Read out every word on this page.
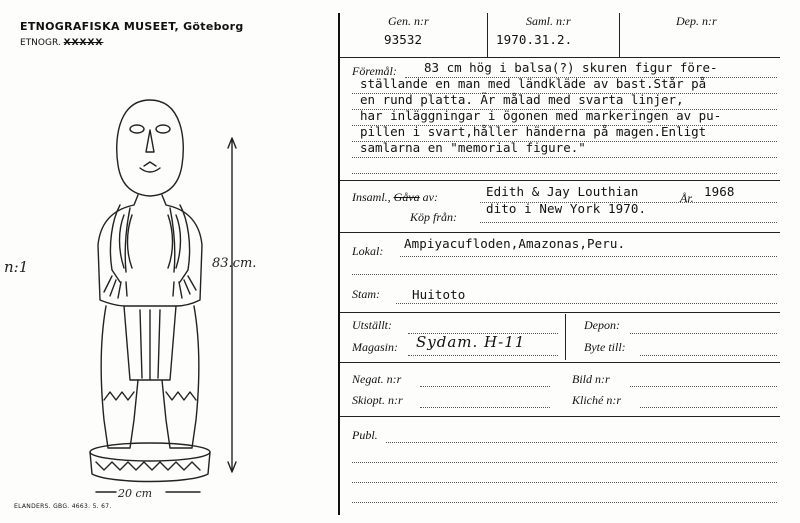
ETNOGRAFISKA MUSEET, Göteborg
ETNOGR. XXXXX
83.cm.
20 cm
n:1
ELANDERS. GBG. 4663. 5. 67.
Gen. n:r
93532
Saml. n:r
1970.31.2.
Dep. n:r
Föremål: 83 cm hög i balsa(?) skuren figur före-
ställande en man med ländkläde av bast.Står på
en rund platta. Är målad med svarta linjer,
har inläggningar i ögonen med markeringen av pu-
pillen i svart,håller händerna på magen.Enligt
samlarna en "memorial figure."
Insaml., Gåva av:	Edith & Jay Louthian	År. 1968
Köp från:
dito i New York 1970.
Lokal: Ampiyacufloden,Amazonas,Peru.
Stam:	Huitoto
Utställt:
Magasin: Sydam. H-11
Depon:
Byte till:
Negat. n:r	Bild n:r
Skiopt. n:r	Kliché n:r
Publ.
